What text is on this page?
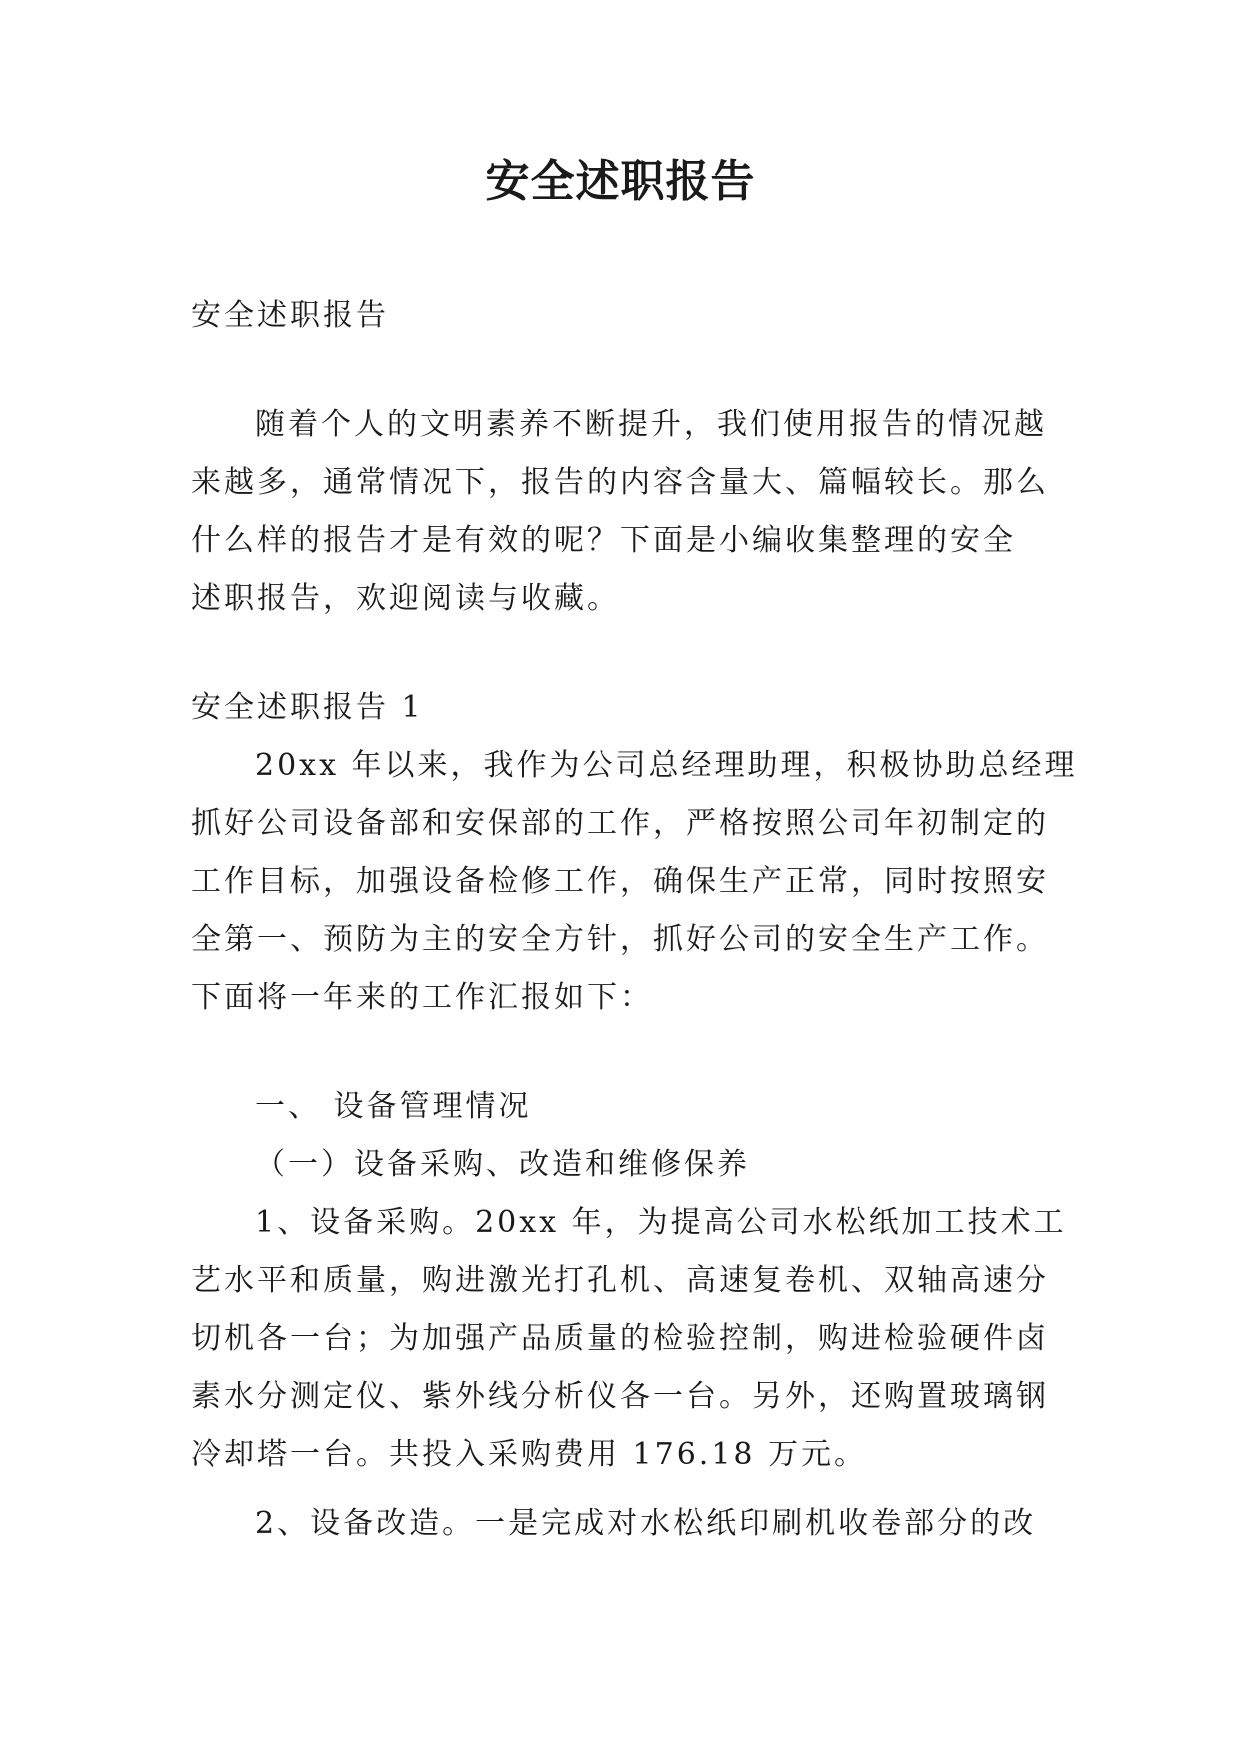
安全述职报告
安全述职报告
随着个人的文明素养不断提升，我们使用报告的情况越
来越多，通常情况下，报告的内容含量大、篇幅较长。那么
什么样的报告才是有效的呢？下面是小编收集整理的安全
述职报告，欢迎阅读与收藏。
安全述职报告 1
20xx 年以来，我作为公司总经理助理，积极协助总经理
抓好公司设备部和安保部的工作，严格按照公司年初制定的
工作目标，加强设备检修工作，确保生产正常，同时按照安
全第一、预防为主的安全方针，抓好公司的安全生产工作。
下面将一年来的工作汇报如下：
一、 设备管理情况
（一）设备采购、改造和维修保养
1、设备采购。20xx 年，为提高公司水松纸加工技术工
艺水平和质量，购进激光打孔机、高速复卷机、双轴高速分
切机各一台；为加强产品质量的检验控制，购进检验硬件卤
素水分测定仪、紫外线分析仪各一台。另外，还购置玻璃钢
冷却塔一台。共投入采购费用 176.18 万元。
2、设备改造。一是完成对水松纸印刷机收卷部分的改
